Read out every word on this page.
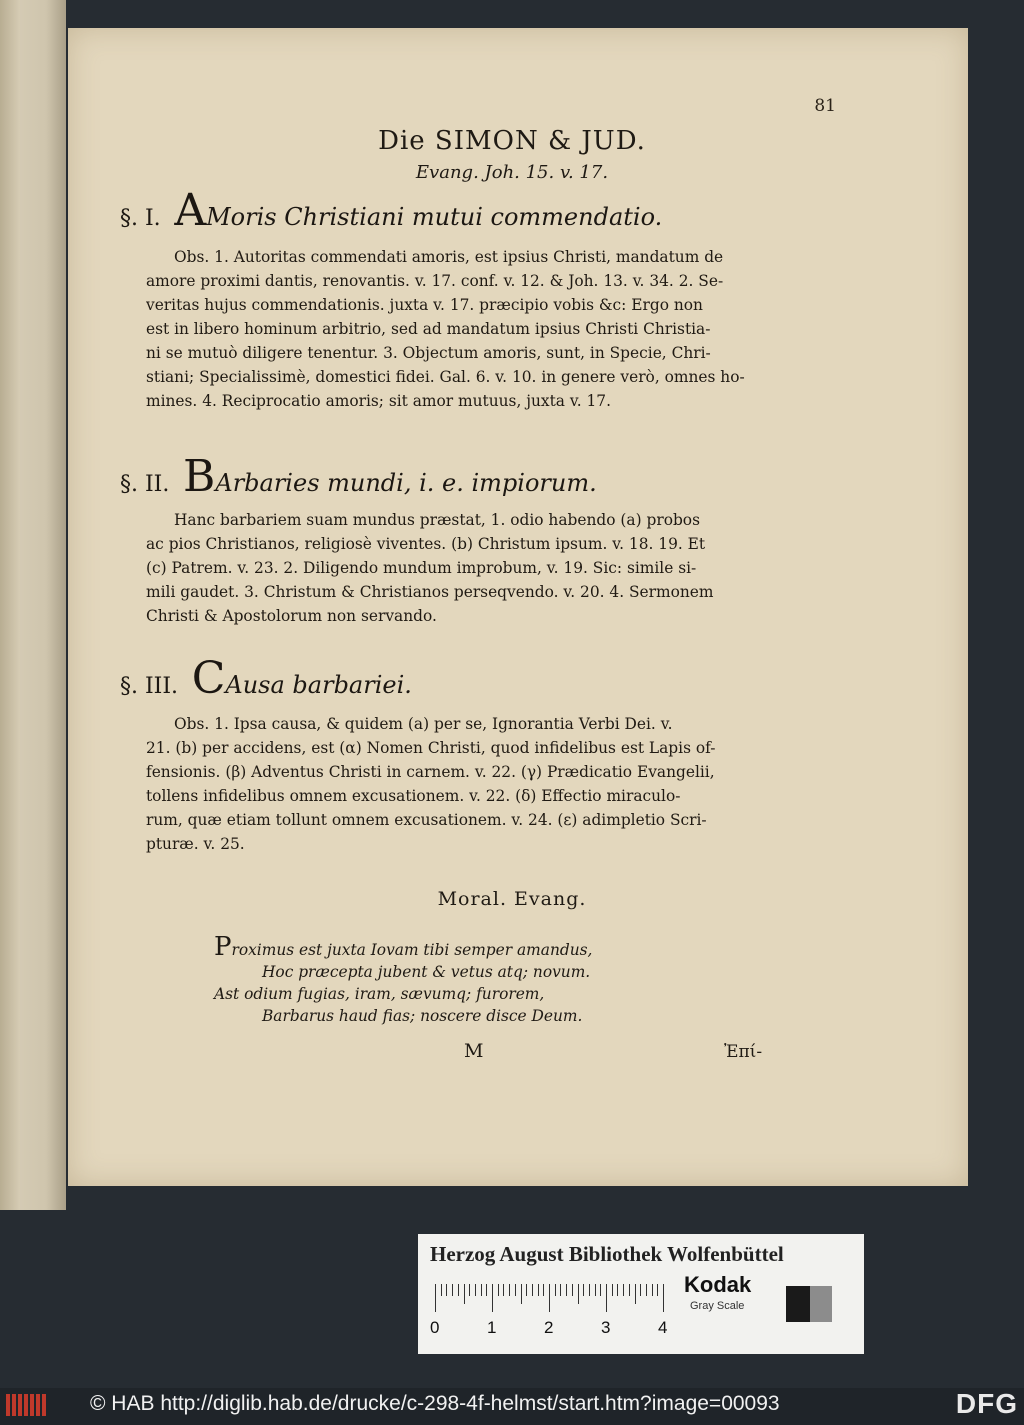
81
Die SIMON & JUD.
Evang. Joh. 15. v. 17.
§. I. AMoris Christiani mutui commendatio.
Obs. 1. Autoritas commendati amoris, est ipsius Christi, mandatum de
amore proximi dantis, renovantis. v. 17. conf. v. 12. & Joh. 13. v. 34. 2. Se-
veritas hujus commendationis. juxta v. 17. præcipio vobis &c: Ergo non
est in libero hominum arbitrio, sed ad mandatum ipsius Christi Christia-
ni se mutuò diligere tenentur. 3. Objectum amoris, sunt, in Specie, Chri-
stiani; Specialissimè, domestici fidei. Gal. 6. v. 10. in genere verò, omnes ho-
mines. 4. Reciprocatio amoris; sit amor mutuus, juxta v. 17.
§. II. BArbaries mundi, i. e. impiorum.
Hanc barbariem suam mundus præstat, 1. odio habendo (a) probos
ac pios Christianos, religiosè viventes. (b) Christum ipsum. v. 18. 19. Et
(c) Patrem. v. 23. 2. Diligendo mundum improbum, v. 19. Sic: simile si-
mili gaudet. 3. Christum & Christianos perseqvendo. v. 20. 4. Sermonem
Christi & Apostolorum non servando.
§. III. CAusa barbariei.
Obs. 1. Ipsa causa, & quidem (a) per se, Ignorantia Verbi Dei. v.
21. (b) per accidens, est (α) Nomen Christi, quod infidelibus est Lapis of-
fensionis. (β) Adventus Christi in carnem. v. 22. (γ) Prædicatio Evangelii,
tollens infidelibus omnem excusationem. v. 22. (δ) Effectio miraculo-
rum, quæ etiam tollunt omnem excusationem. v. 24. (ε) adimpletio Scri-
pturæ. v. 25.
Moral. Evang.
Proximus est juxta Iovam tibi semper amandus,
Hoc præcepta jubent & vetus atq; novum.
Ast odium fugias, iram, sævumq; furorem,
Barbarus haud fias; noscere disce Deum.
M	Ἐπί-
Herzog August Bibliothek Wolfenbüttel
0	1	2	3	4
Kodak
Gray Scale
© HAB http://diglib.hab.de/drucke/c-298-4f-helmst/start.htm?image=00093	DFG
